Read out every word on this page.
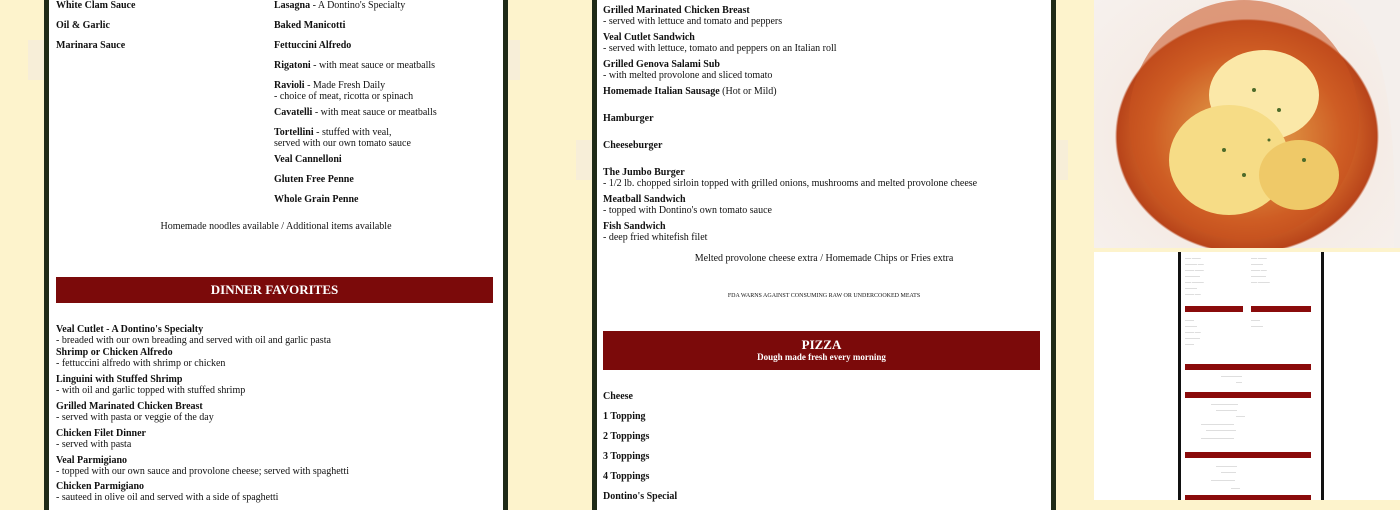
White Clam Sauce
Oil & Garlic
Marinara Sauce
Lasagna - A Dontino's Specialty
Baked Manicotti
Fettuccini Alfredo
Rigatoni - with meat sauce or meatballs
Ravioli - Made Fresh Daily
- choice of meat, ricotta or spinach
Cavatelli - with meat sauce or meatballs
Tortellini - stuffed with veal,
served with our own tomato sauce
Veal Cannelloni
Gluten Free Penne
Whole Grain Penne
Homemade noodles available / Additional items available
DINNER FAVORITES
Veal Cutlet - A Dontino's Specialty
- breaded with our own breading and served with oil and garlic pasta
Shrimp or Chicken Alfredo
- fettuccini alfredo with shrimp or chicken
Linguini with Stuffed Shrimp
- with oil and garlic topped with stuffed shrimp
Grilled Marinated Chicken Breast
- served with pasta or veggie of the day
Chicken Filet Dinner
- served with pasta
Veal Parmigiano
- topped with our own sauce and provolone cheese; served with spaghetti
Chicken Parmigiano
- sauteed in olive oil and served with a side of spaghetti
Grilled Marinated Chicken Breast
- served with lettuce and tomato and peppers
Veal Cutlet Sandwich
- served with lettuce, tomato and peppers on an Italian roll
Grilled Genova Salami Sub
- with melted provolone and sliced tomato
Homemade Italian Sausage (Hot or Mild)
Hamburger
Cheeseburger
The Jumbo Burger
- 1/2 lb. chopped sirloin topped with grilled onions, mushrooms and melted provolone cheese
Meatball Sandwich
- topped with Dontino's own tomato sauce
Fish Sandwich
- deep fried whitefish filet
Melted provolone cheese extra / Homemade Chips or Fries extra
FDA WARNS AGAINST CONSUMING RAW OR UNDERCOOKED MEATS
PIZZA
Dough made fresh every morning
Cheese
1 Topping
2 Toppings
3 Toppings
4 Toppings
Dontino's Special
—— ———
———— ——
——— ———
—————
—— ————
————
——— ——
—— ———
————
——— ——
—————
—— ————
———
————
——— ——
—————
———
———
————
———————
——
—————————
———————
———
———————————
——————————
———————————
———————
—————
————————
———
